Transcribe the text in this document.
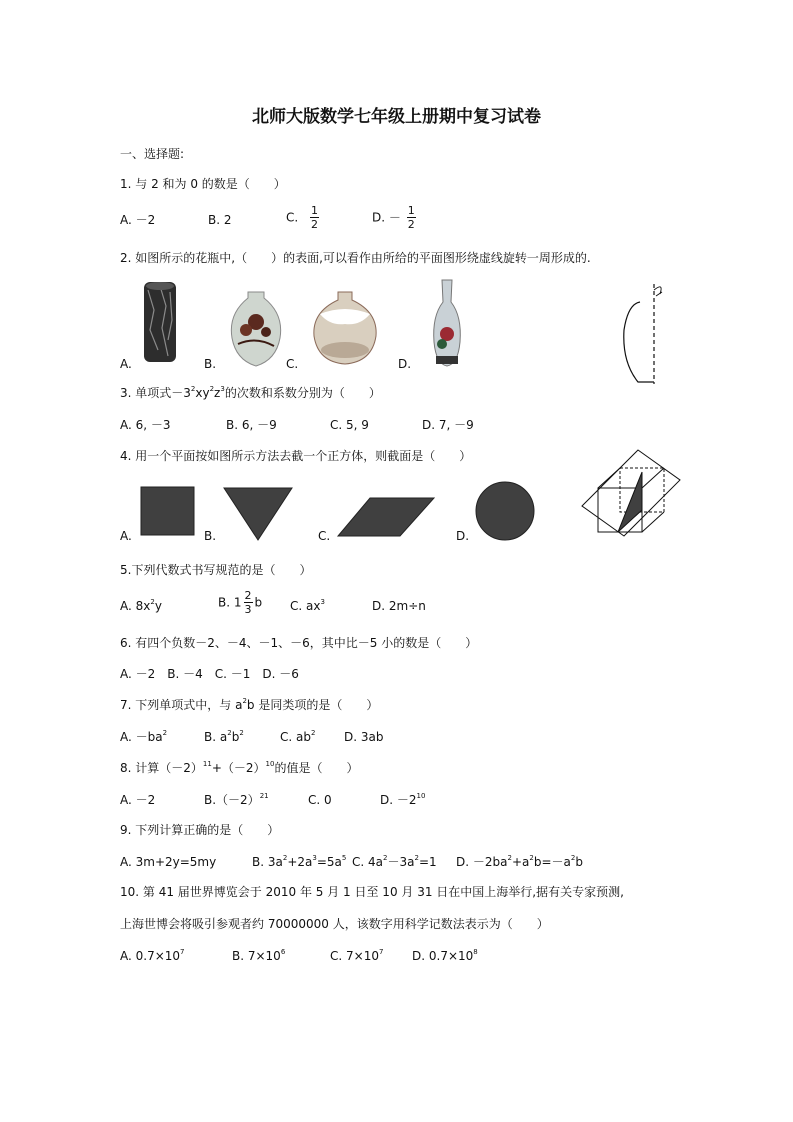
北师大版数学七年级上册期中复习试卷
一、选择题:
1. 与 2 和为 0 的数是（　　）
A. －2	B. 2	C. $\frac{1}{2}$	D. － $\frac{1}{2}$
2. 如图所示的花瓶中,（　　）的表面,可以看作由所给的平面图形绕虚线旋转一周形成的.
A.	B.	C.	D.
3. 单项式$-3^2xy^2z^3$的次数和系数分别为（　　）
A. 6, －3	B. 6, －9	C. 5, 9	D. 7, －9
4. 用一个平面按如图所示方法去截一个正方体，则截面是（　　）
A.	B.	C.	D.
5.下列代数式书写规范的是（　　）
A. $8x^2y$	B. $1 \frac{2}{3}$ b C. $ax^3$	D. 2m÷n
6. 有四个负数－2、－4、－1、－6，其中比－5 小的数是（　　）
A. －2　B. －4　C. －1　D. －6
7. 下列单项式中，与 $a^2b$ 是同类项的是（　　）
A. $-ba^2$	B. $a^2b^2$	C. $ab^2$ D. 3ab
8. 计算$(-2)^{11}+(-2)^{10}$的值是（　　）
A. －2	$B.(-2)^{21}$	C. 0	D. $-2^{10}$
9. 下列计算正确的是（　　）
A. 3m+2y=5my	B. $3a^2+2a^3=5a^5$ C. $4a^2-3a^2=1$ D. $-2ba^2+a^2b=-a^2b$
10. 第 41 届世界博览会于 2010 年 5 月 1 日至 10 月 31 日在中国上海举行,据有关专家预测,
上海世博会将吸引参观者约 70000000 人，该数字用科学记数法表示为（　　）
A. $0.7\times 10^7$	B. $7\times 10^6$	C. $7\times 10^7$ D. $0.7\times 10^8$
